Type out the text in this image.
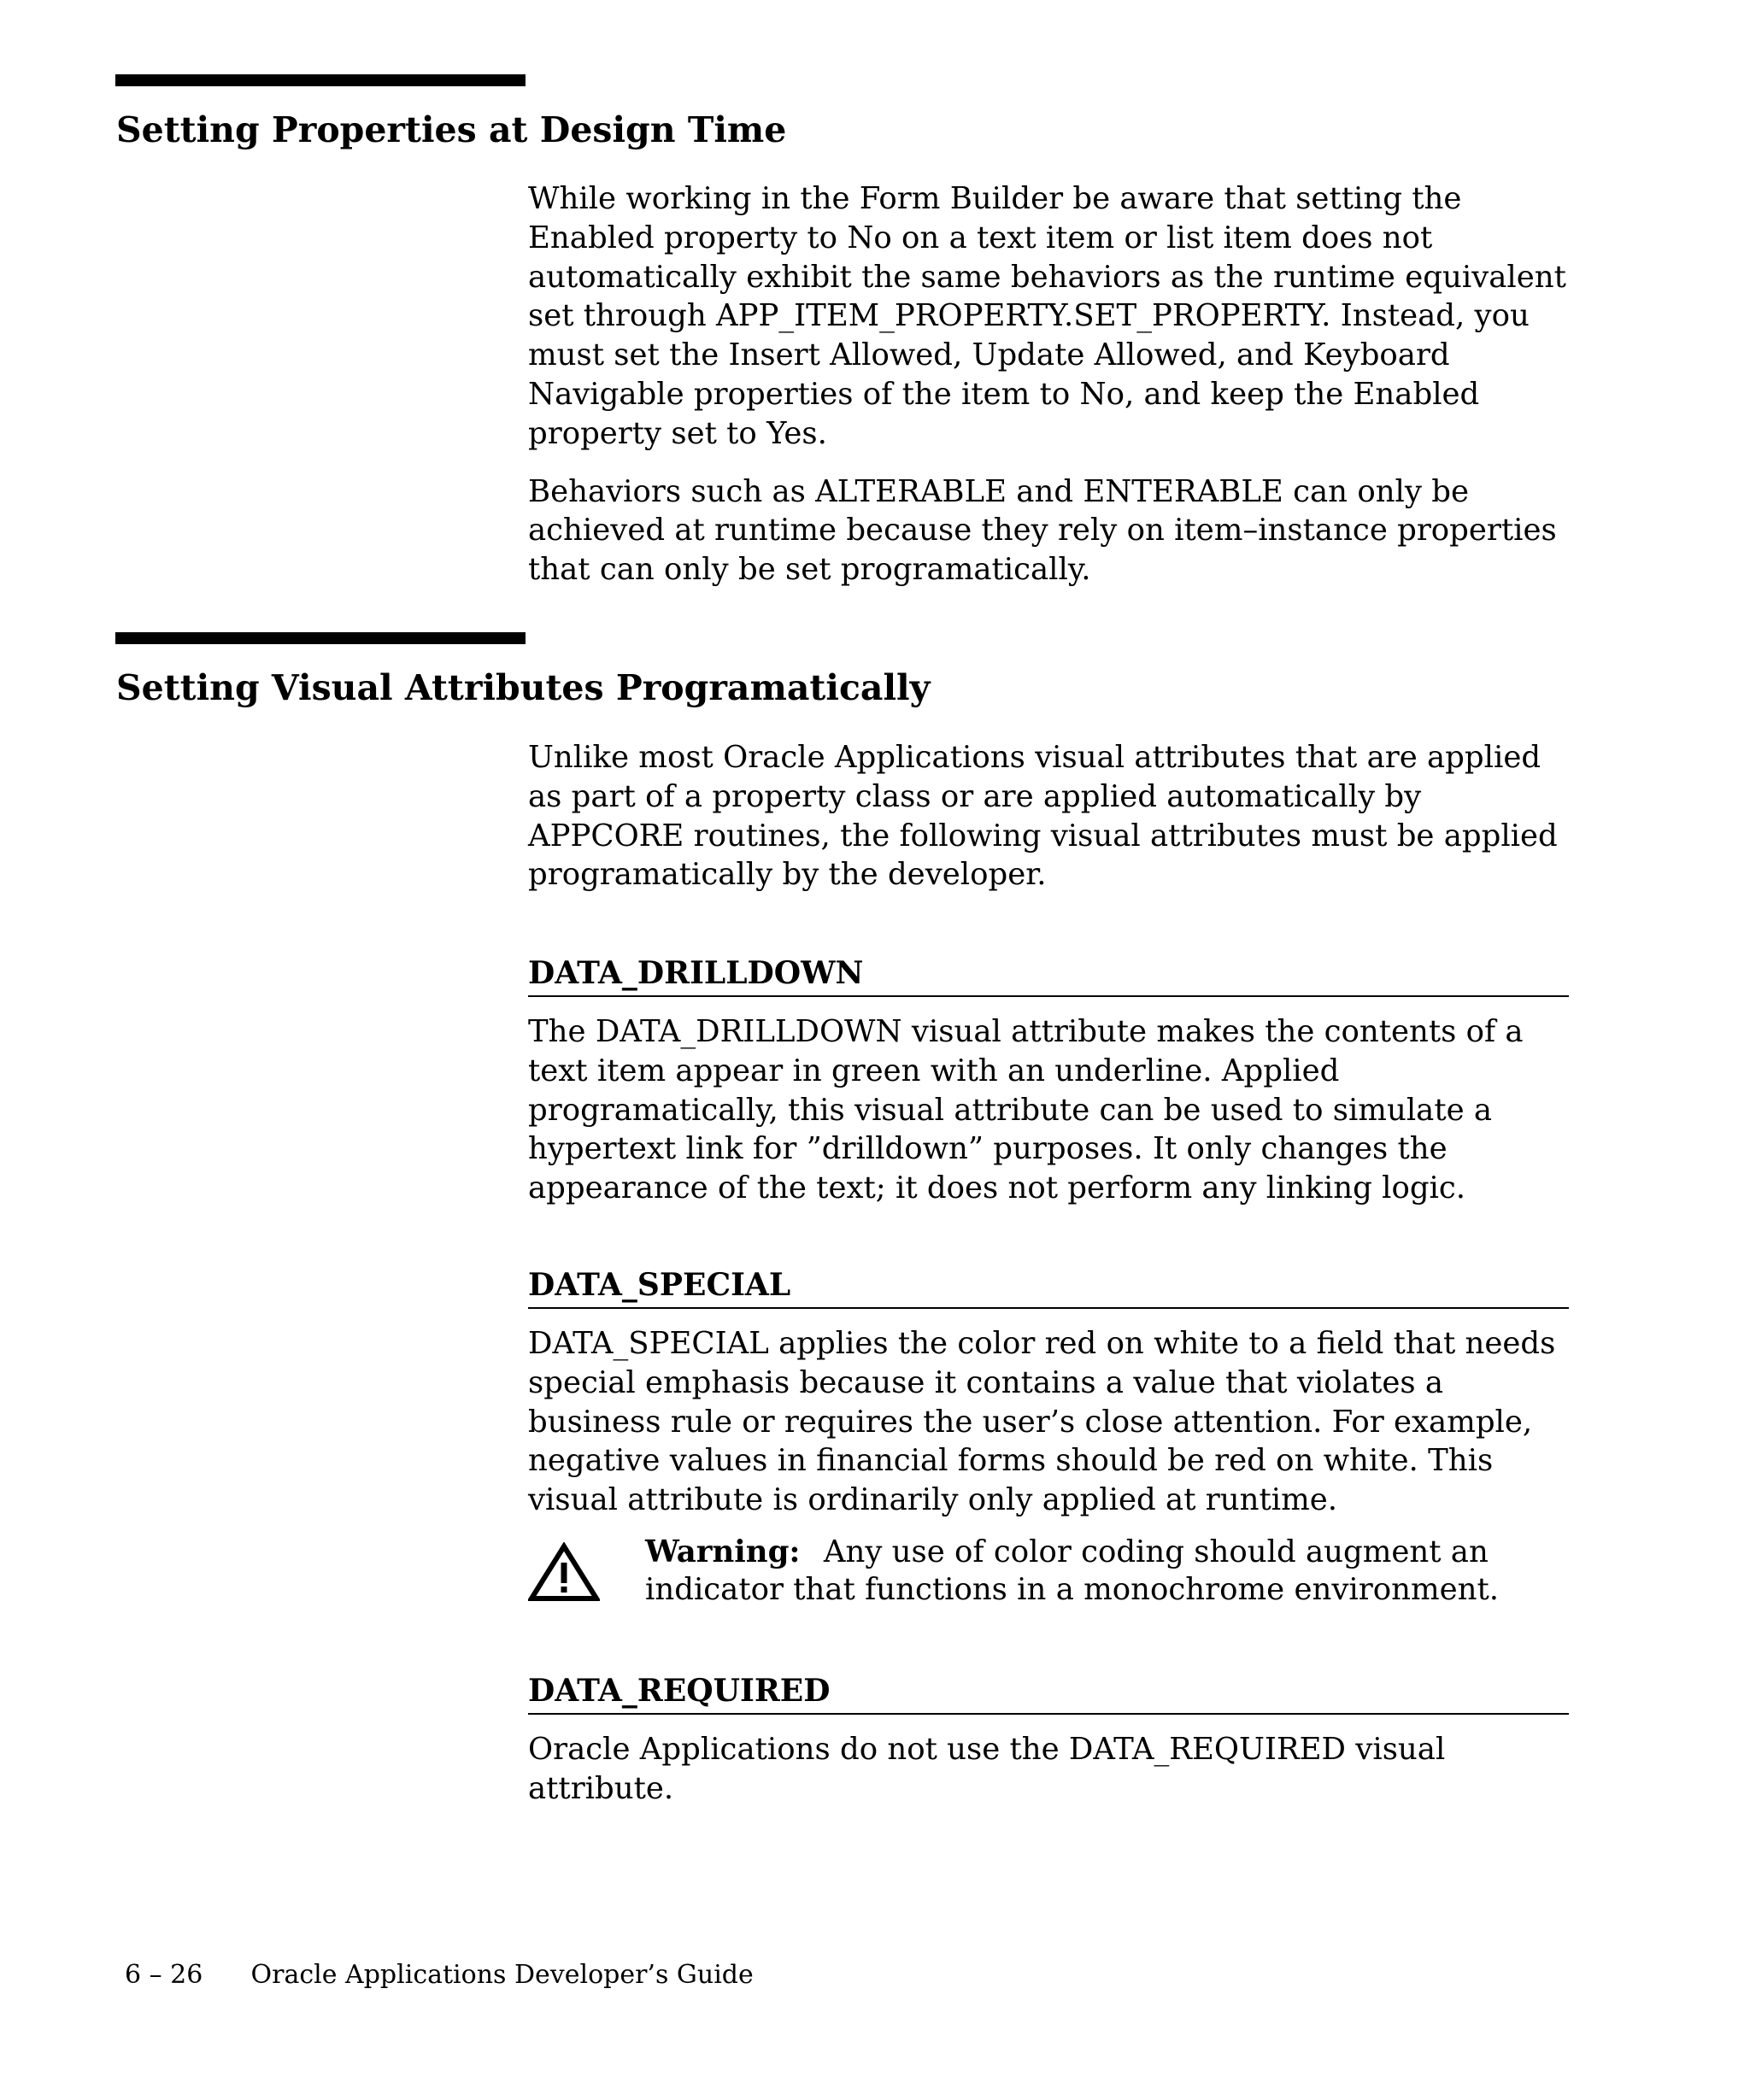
Setting Properties at Design Time

While working in the Form Builder be aware that setting the Enabled property to No on a text item or list item does not automatically exhibit the same behaviors as the runtime equivalent set through APP_ITEM_PROPERTY.SET_PROPERTY. Instead, you must set the Insert Allowed, Update Allowed, and Keyboard Navigable properties of the item to No, and keep the Enabled property set to Yes.

Behaviors such as ALTERABLE and ENTERABLE can only be achieved at runtime because they rely on item–instance properties that can only be set programatically.

Setting Visual Attributes Programatically

Unlike most Oracle Applications visual attributes that are applied as part of a property class or are applied automatically by APPCORE routines, the following visual attributes must be applied programatically by the developer.

DATA_DRILLDOWN

The DATA_DRILLDOWN visual attribute makes the contents of a text item appear in green with an underline. Applied programatically, this visual attribute can be used to simulate a hypertext link for ”drilldown” purposes. It only changes the appearance of the text; it does not perform any linking logic.

DATA_SPECIAL

DATA_SPECIAL applies the color red on white to a field that needs special emphasis because it contains a value that violates a business rule or requires the user’s close attention. For example, negative values in financial forms should be red on white. This visual attribute is ordinarily only applied at runtime.

Warning: Any use of color coding should augment an indicator that functions in a monochrome environment.

DATA_REQUIRED

Oracle Applications do not use the DATA_REQUIRED visual attribute.

6 – 26 Oracle Applications Developer’s Guide
